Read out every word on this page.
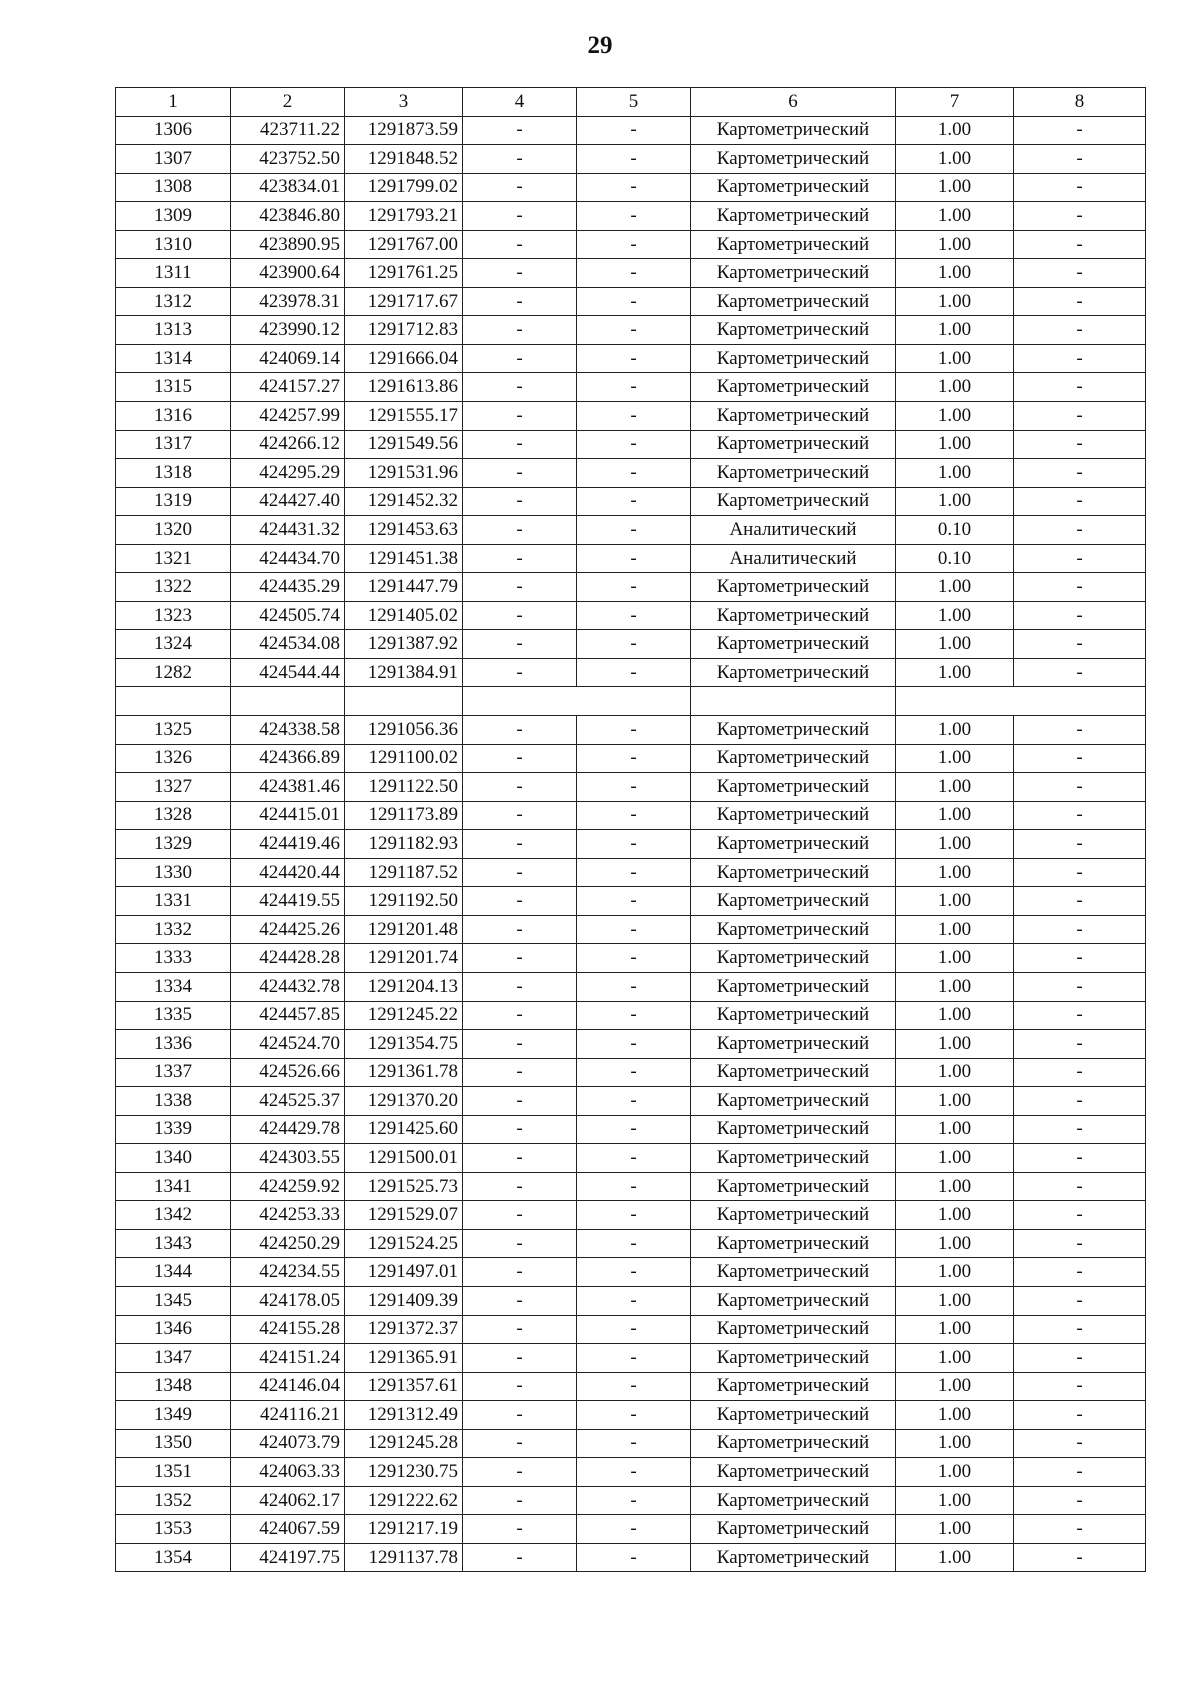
29
1	2	3	4	5	6	7	8
1306	423711.22	1291873.59	-	-	Картометрический	1.00	-
1307	423752.50	1291848.52	-	-	Картометрический	1.00	-
1308	423834.01	1291799.02	-	-	Картометрический	1.00	-
1309	423846.80	1291793.21	-	-	Картометрический	1.00	-
1310	423890.95	1291767.00	-	-	Картометрический	1.00	-
1311	423900.64	1291761.25	-	-	Картометрический	1.00	-
1312	423978.31	1291717.67	-	-	Картометрический	1.00	-
1313	423990.12	1291712.83	-	-	Картометрический	1.00	-
1314	424069.14	1291666.04	-	-	Картометрический	1.00	-
1315	424157.27	1291613.86	-	-	Картометрический	1.00	-
1316	424257.99	1291555.17	-	-	Картометрический	1.00	-
1317	424266.12	1291549.56	-	-	Картометрический	1.00	-
1318	424295.29	1291531.96	-	-	Картометрический	1.00	-
1319	424427.40	1291452.32	-	-	Картометрический	1.00	-
1320	424431.32	1291453.63	-	-	Аналитический	0.10	-
1321	424434.70	1291451.38	-	-	Аналитический	0.10	-
1322	424435.29	1291447.79	-	-	Картометрический	1.00	-
1323	424505.74	1291405.02	-	-	Картометрический	1.00	-
1324	424534.08	1291387.92	-	-	Картометрический	1.00	-
1282	424544.44	1291384.91	-	-	Картометрический	1.00	-

1325	424338.58	1291056.36	-	-	Картометрический	1.00	-
1326	424366.89	1291100.02	-	-	Картометрический	1.00	-
1327	424381.46	1291122.50	-	-	Картометрический	1.00	-
1328	424415.01	1291173.89	-	-	Картометрический	1.00	-
1329	424419.46	1291182.93	-	-	Картометрический	1.00	-
1330	424420.44	1291187.52	-	-	Картометрический	1.00	-
1331	424419.55	1291192.50	-	-	Картометрический	1.00	-
1332	424425.26	1291201.48	-	-	Картометрический	1.00	-
1333	424428.28	1291201.74	-	-	Картометрический	1.00	-
1334	424432.78	1291204.13	-	-	Картометрический	1.00	-
1335	424457.85	1291245.22	-	-	Картометрический	1.00	-
1336	424524.70	1291354.75	-	-	Картометрический	1.00	-
1337	424526.66	1291361.78	-	-	Картометрический	1.00	-
1338	424525.37	1291370.20	-	-	Картометрический	1.00	-
1339	424429.78	1291425.60	-	-	Картометрический	1.00	-
1340	424303.55	1291500.01	-	-	Картометрический	1.00	-
1341	424259.92	1291525.73	-	-	Картометрический	1.00	-
1342	424253.33	1291529.07	-	-	Картометрический	1.00	-
1343	424250.29	1291524.25	-	-	Картометрический	1.00	-
1344	424234.55	1291497.01	-	-	Картометрический	1.00	-
1345	424178.05	1291409.39	-	-	Картометрический	1.00	-
1346	424155.28	1291372.37	-	-	Картометрический	1.00	-
1347	424151.24	1291365.91	-	-	Картометрический	1.00	-
1348	424146.04	1291357.61	-	-	Картометрический	1.00	-
1349	424116.21	1291312.49	-	-	Картометрический	1.00	-
1350	424073.79	1291245.28	-	-	Картометрический	1.00	-
1351	424063.33	1291230.75	-	-	Картометрический	1.00	-
1352	424062.17	1291222.62	-	-	Картометрический	1.00	-
1353	424067.59	1291217.19	-	-	Картометрический	1.00	-
1354	424197.75	1291137.78	-	-	Картометрический	1.00	-
